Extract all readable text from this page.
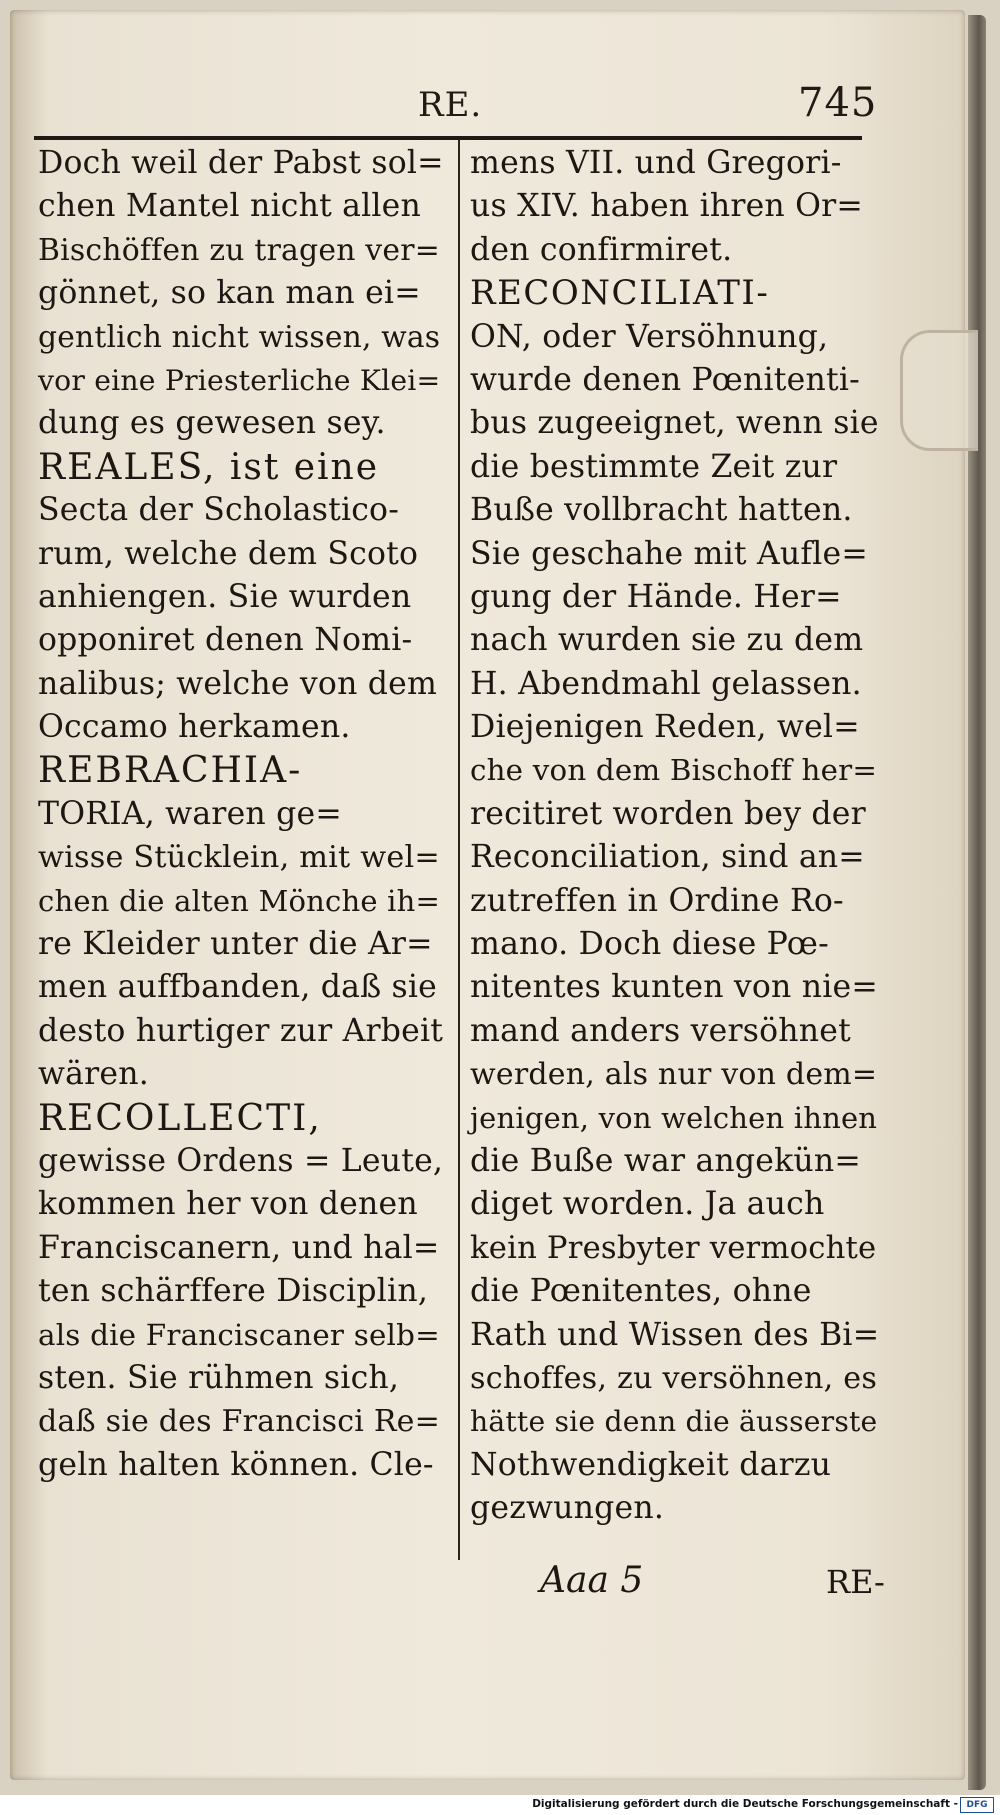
RE.	745
Doch weil der Pabst sol=
chen Mantel nicht allen
Bischöffen zu tragen ver=
gönnet, so kan man ei=
gentlich nicht wissen, was
vor eine Priesterliche Klei=
dung es gewesen sey.
REALES, ist eine
Secta der Scholastico-
rum, welche dem Scoto
anhiengen. Sie wurden
opponiret denen Nomi-
nalibus; welche von dem
Occamo herkamen.
REBRACHIA-
TORIA, waren ge=
wisse Stücklein, mit wel=
chen die alten Mönche ih=
re Kleider unter die Ar=
men auffbanden, daß sie
desto hurtiger zur Arbeit
wären.
RECOLLECTI,
gewisse Ordens = Leute,
kommen her von denen
Franciscanern, und hal=
ten schärffere Disciplin,
als die Franciscaner selb=
sten. Sie rühmen sich,
daß sie des Francisci Re=
geln halten können. Cle-
mens VII. und Gregori-
us XIV. haben ihren Or=
den confirmiret.
RECONCILIATI-
ON, oder Versöhnung,
wurde denen Pœnitenti-
bus zugeeignet, wenn sie
die bestimmte Zeit zur
Buße vollbracht hatten.
Sie geschahe mit Aufle=
gung der Hände. Her=
nach wurden sie zu dem
H. Abendmahl gelassen.
Diejenigen Reden, wel=
che von dem Bischoff her=
recitiret worden bey der
Reconciliation, sind an=
zutreffen in Ordine Ro-
mano. Doch diese Pœ-
nitentes kunten von nie=
mand anders versöhnet
werden, als nur von dem=
jenigen, von welchen ihnen
die Buße war angekün=
diget worden. Ja auch
kein Presbyter vermochte
die Pœnitentes, ohne
Rath und Wissen des Bi=
schoffes, zu versöhnen, es
hätte sie denn die äusserste
Nothwendigkeit darzu
gezwungen.
Aaa 5	RE-
Digitalisierung gefördert durch die Deutsche Forschungsgemeinschaft - DFG
